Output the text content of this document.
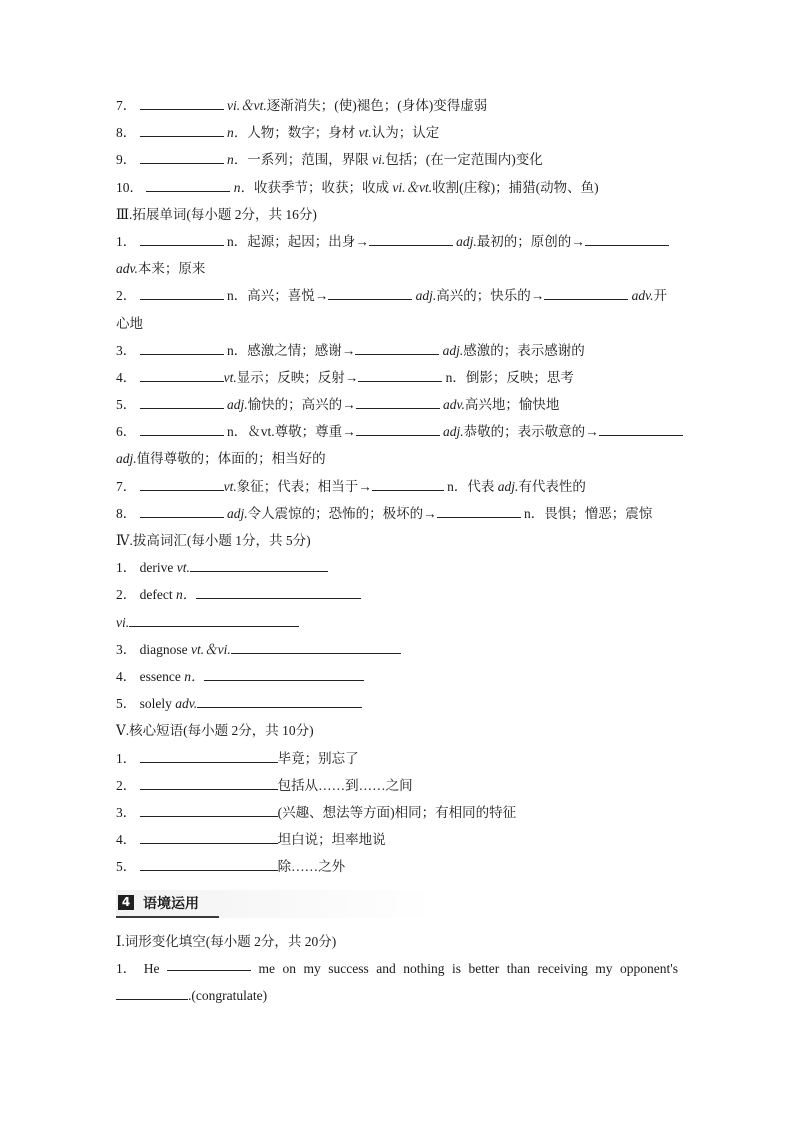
7．	vi.＆vt.逐渐消失；(使)褪色；(身体)变得虚弱
8．	n．人物；数字；身材 vt.认为；认定
9．	n．一系列；范围，界限 vi.包括；(在一定范围内)变化
10．	n．收获季节；收获；收成 vi.＆vt.收割(庄稼)；捕猎(动物、鱼)
Ⅲ.拓展单词(每小题 2分，共 16分)
1．	n．起源；起因；出身→	adj.最初的；原创的→
adv.本来；原来
2．	n．高兴；喜悦→	adj.高兴的；快乐的→	adv.开
心地
3．	n．感激之情；感谢→	adj.感激的；表示感谢的
4．	vt.显示；反映；反射→	n．倒影；反映；思考
5．	adj.愉快的；高兴的→	adv.高兴地；愉快地
6．	n．＆vt.尊敬；尊重→	adj.恭敬的；表示敬意的→
adj.值得尊敬的；体面的；相当好的
7．	vt.象征；代表；相当于→	n．代表 adj.有代表性的
8．	adj.令人震惊的；恐怖的；极坏的→	n．畏惧；憎恶；震惊
Ⅳ.拔高词汇(每小题 1分，共 5分)
1． derive vt.
2． defect n．
vi.
3． diagnose vt.＆vi.
4． essence n．
5． solely adv.
Ⅴ.核心短语(每小题 2分，共 10分)
1．	毕竟；别忘了
2．	包括从……到……之间
3．	(兴趣、想法等方面)相同；有相同的特征
4．	坦白说；坦率地说
5．	除……之外
4 语境运用
Ⅰ.词形变化填空(每小题 2分，共 20分)
1． He	me on my success and nothing is better than receiving my opponent's
.(congratulate)
